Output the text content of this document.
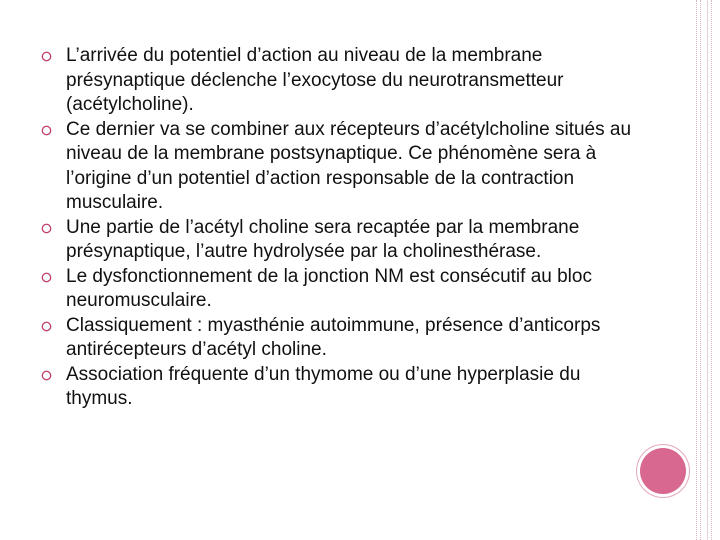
L’arrivée du potentiel d’action au niveau de la membrane présynaptique déclenche l’exocytose du neurotransmetteur (acétylcholine).
Ce dernier va se combiner aux récepteurs d’acétylcholine situés au niveau de la membrane postsynaptique. Ce phénomène sera à l’origine d’un potentiel d’action responsable de la contraction musculaire.
Une partie de l’acétyl choline sera recaptée par la membrane présynaptique, l’autre hydrolysée par la cholinesthérase.
Le dysfonctionnement de la jonction NM est consécutif au bloc neuromusculaire.
Classiquement : myasthénie autoimmune, présence d’anticorps antirécepteurs d’acétyl choline.
Association fréquente d’un thymome ou d’une hyperplasie du thymus.
